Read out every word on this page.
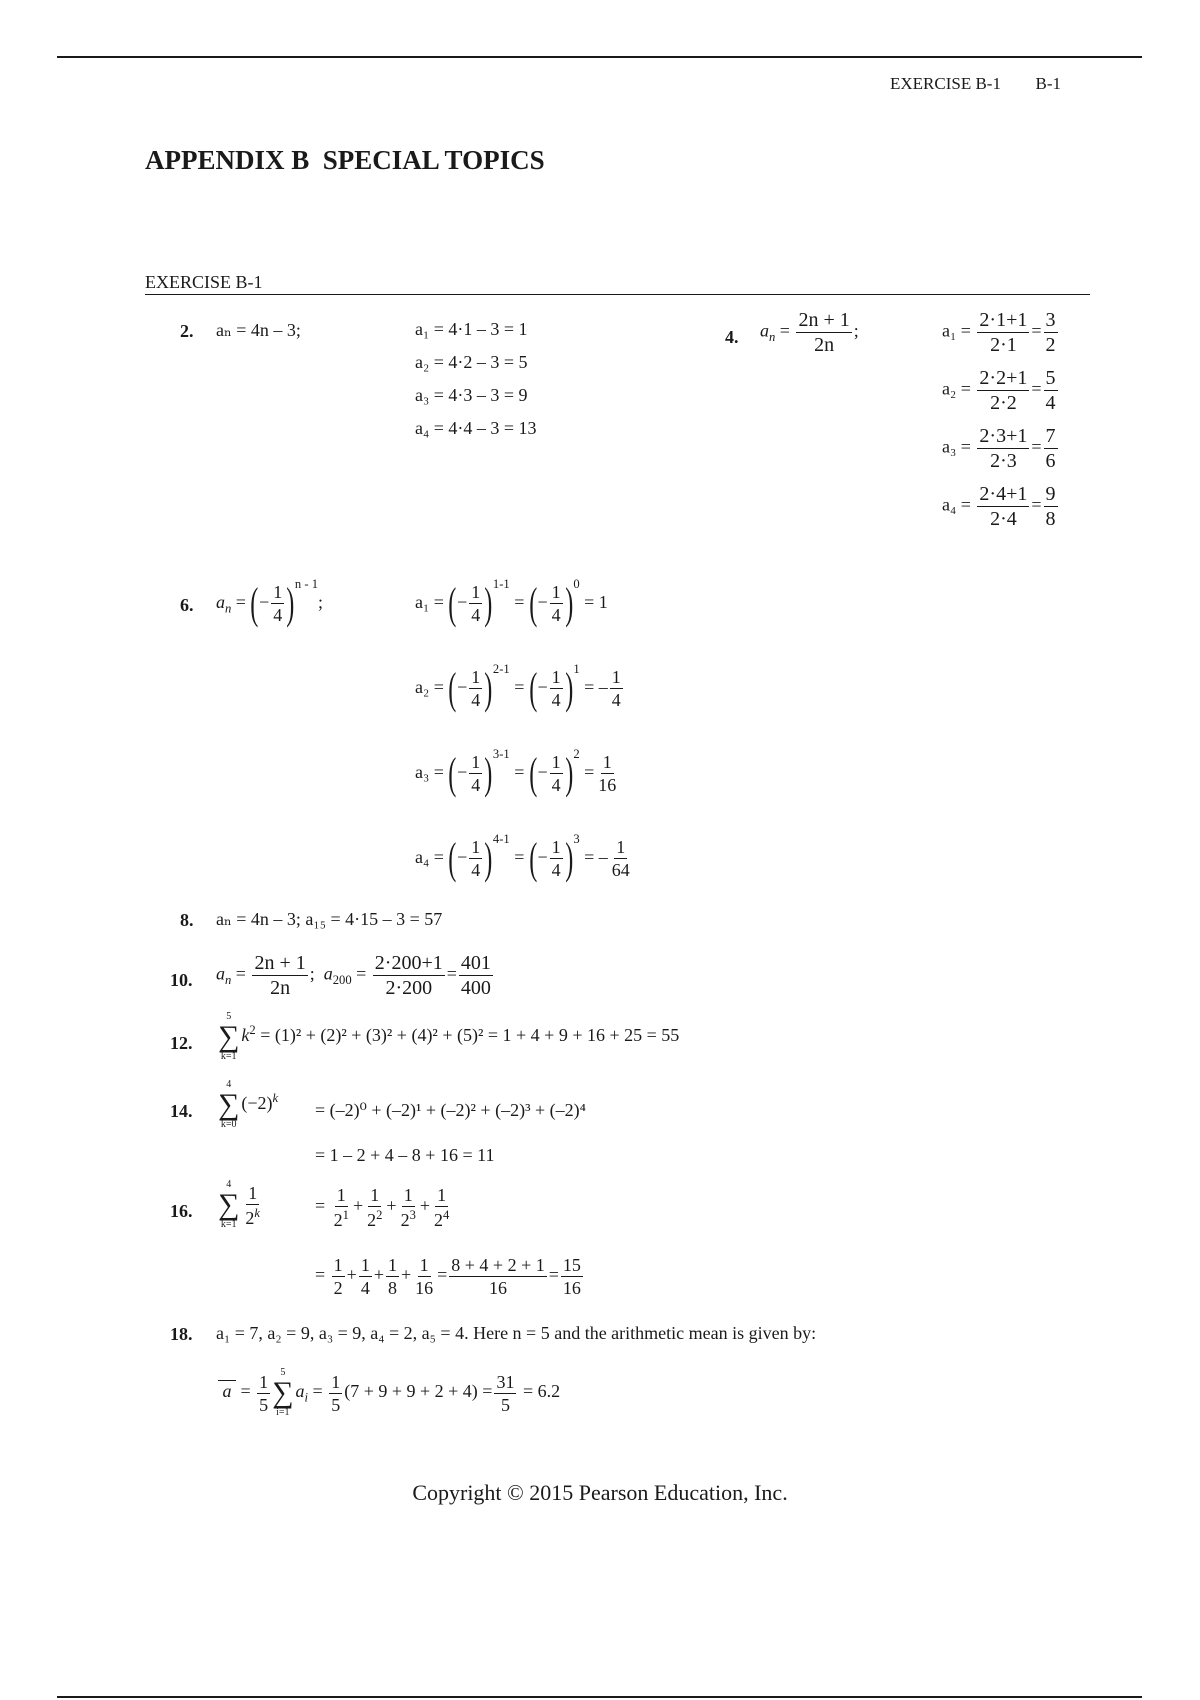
EXERCISE B-1 B-1
APPENDIX B  SPECIAL TOPICS
EXERCISE B-1
2. aₙ = 4n – 3;	a₁ = 4·1 – 3 = 1
a₂ = 4·2 – 3 = 5
a₃ = 4·3 – 3 = 9
a₄ = 4·4 – 3 = 13
4. $a_n = \frac{2n + 1}{2n}$ ;	$a_1 = \frac{2\cdot 1+1}{2\cdot 1} = \frac{3}{2}$
$a_2 = \frac{2\cdot 2+1}{2\cdot 2} = \frac{5}{4}$
$a_3 = \frac{2\cdot 3+1}{2\cdot 3} = \frac{7}{6}$
$a_4 = \frac{2\cdot 4+1}{2\cdot 4} = \frac{9}{8}$
6. $a_n$ = (− $\frac{1}{4} )^{n - 1}$;	a₁ = (− $\frac{1}{4} )^{1-1}$ = (− $\frac{1}{4} )^0 = 1$
a₂ = (− $\frac{1}{4} )^{2-1}$ = (− $\frac{1}{4} )^1$ = – $\frac{1}{4}$
a₃ = (− $\frac{1}{4} )^{3-1}$ = (− $\frac{1}{4} )^2 = \frac{1}{16}$
a₄ = (− $\frac{1}{4} )^{4-1}$ = (− $\frac{1}{4} )^3$ = – $\frac{1}{64}$
8. aₙ = 4n – 3; a₁₅ = 4·15 – 3 = 57
10. $a_n = \frac{2n + 1}{2n}$ ;  $a_{200} = \frac{2\cdot 200+1}{2\cdot 200} = \frac{401}{400}$
12.
5
∑
k=1
$k^2 = (1)^2 + (2)^2 + (3)^2 + (4)^2 + (5)^2 = 1 + 4 + 9 + 16 + 25 = 55$
14.
4
∑
k=0
$(-2)^k$
= (–2)⁰ + (–2)¹ + (–2)² + (–2)³ + (–2)⁴
= 1 – 2 + 4 – 8 + 16 = 11
16.
4
∑
$k=1 \frac{1}{2^k}$	= $\frac{1}{2^1} + \frac{1}{2^2} + \frac{1}{2^3} + \frac{1}{2^4}$
= $\frac{1}{2} + \frac{1}{4} + \frac{1}{8} + \frac{1}{16} = \frac{8 + 4 + 2 + 1}{16} = \frac{15}{16}$
18. a₁ = 7, a₂ = 9, a₃ = 9, a₄ = 2, a₅ = 4. Here n = 5 and the arithmetic mean is given by:
$a = \frac{1}{5} 5$
∑
i=1
$a_i = \frac{1}{5} (7 + 9 + 9 + 2 + 4) = \frac{31}{5} = 6.2$
Copyright © 2015 Pearson Education, Inc.
